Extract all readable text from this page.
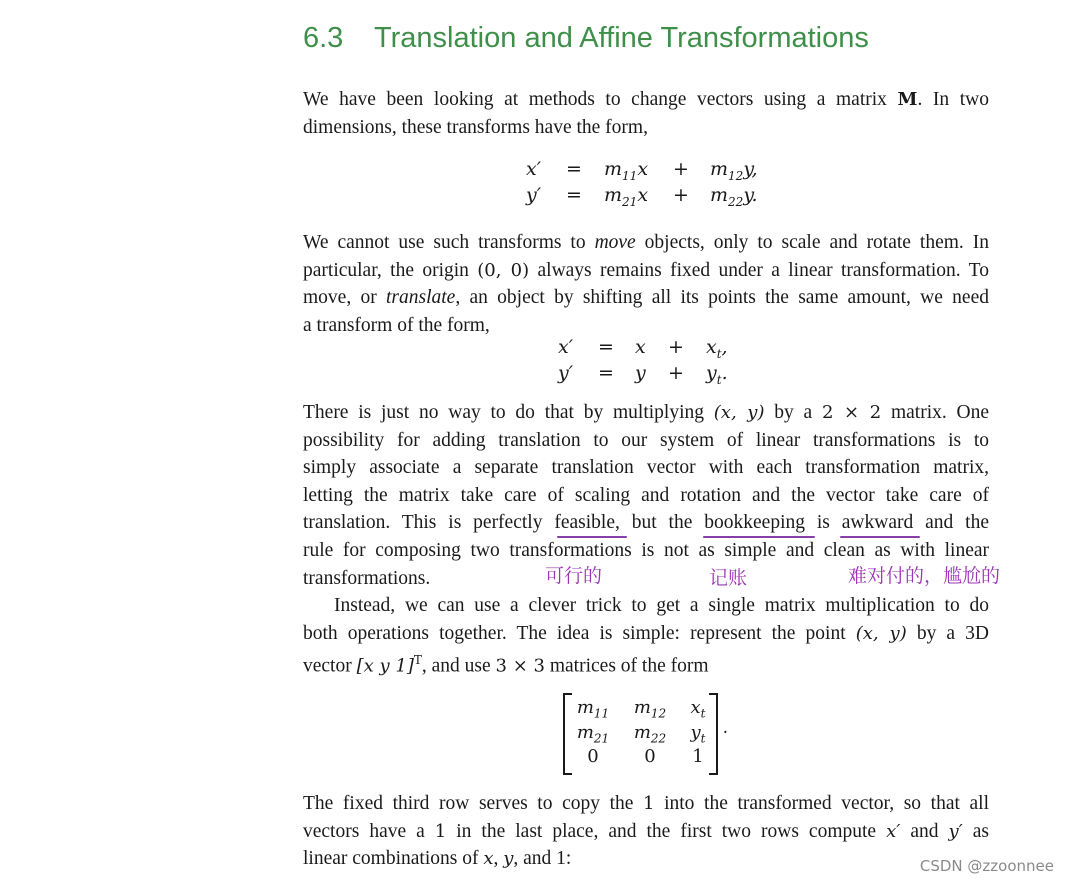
6.3 Translation and Affine Transformations
We have been looking at methods to change vectors using a matrix M. In two
dimensions, these transforms have the form,
$x' = m_{11}x + m_{12}y$,
$y' = m_{21}x + m_{22}y$.
We cannot use such transforms to move objects, only to scale and rotate them. In
particular, the origin (0, 0) always remains fixed under a linear transformation. To
move, or translate, an object by shifting all its points the same amount, we need
a transform of the form,
$x' = x + x_t$,
$y' = y + y_t$.
There is just no way to do that by multiplying (x, y) by a 2 × 2 matrix. One
possibility for adding translation to our system of linear transformations is to
simply associate a separate translation vector with each transformation matrix,
letting the matrix take care of scaling and rotation and the vector take care of
translation. This is perfectly feasible, but the bookkeeping is awkward and the
rule for composing two transformations is not as simple and clean as with linear
transformations.	可行的	记账	难对付的，尴尬的
Instead, we can use a clever trick to get a single matrix multiplication to do
both operations together. The idea is simple: represent the point (x, y) by a 3D
vector [x y 1]$^T$, and use 3 × 3 matrices of the form
$m_{11}$	$m_{12}$	$x_t$
$m_{21}$	$m_{22}$	$y_t$
0	0	1
.
The fixed third row serves to copy the 1 into the transformed vector, so that all
vectors have a 1 in the last place, and the first two rows compute x′ and y′ as
linear combinations of x, y, and 1:	CSDN @zzoonnee
